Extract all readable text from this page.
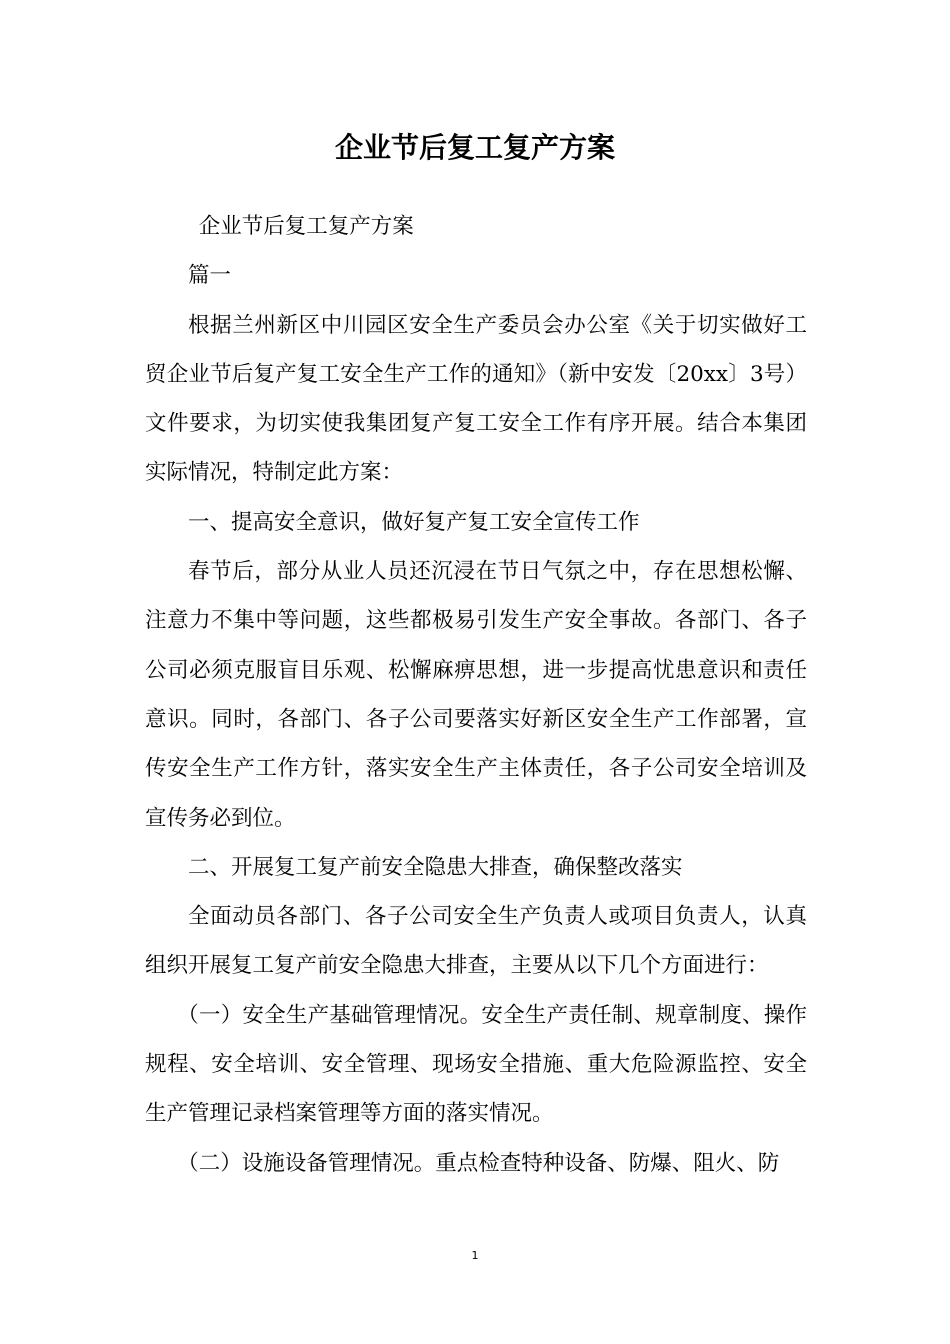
企业节后复工复产方案

企业节后复工复产方案

篇一

根据兰州新区中川园区安全生产委员会办公室《关于切实做好工贸企业节后复产复工安全生产工作的通知》（新中安发〔20xx〕3号）文件要求，为切实使我集团复产复工安全工作有序开展。结合本集团实际情况，特制定此方案：

一、提高安全意识，做好复产复工安全宣传工作

春节后，部分从业人员还沉浸在节日气氛之中，存在思想松懈、注意力不集中等问题，这些都极易引发生产安全事故。各部门、各子公司必须克服盲目乐观、松懈麻痹思想，进一步提高忧患意识和责任意识。同时，各部门、各子公司要落实好新区安全生产工作部署，宣传安全生产工作方针，落实安全生产主体责任，各子公司安全培训及宣传务必到位。

二、开展复工复产前安全隐患大排查，确保整改落实

全面动员各部门、各子公司安全生产负责人或项目负责人，认真组织开展复工复产前安全隐患大排查，主要从以下几个方面进行：

（一）安全生产基础管理情况。安全生产责任制、规章制度、操作规程、安全培训、安全管理、现场安全措施、重大危险源监控、安全生产管理记录档案管理等方面的落实情况。

（二）设施设备管理情况。重点检查特种设备、防爆、阻火、防

1
